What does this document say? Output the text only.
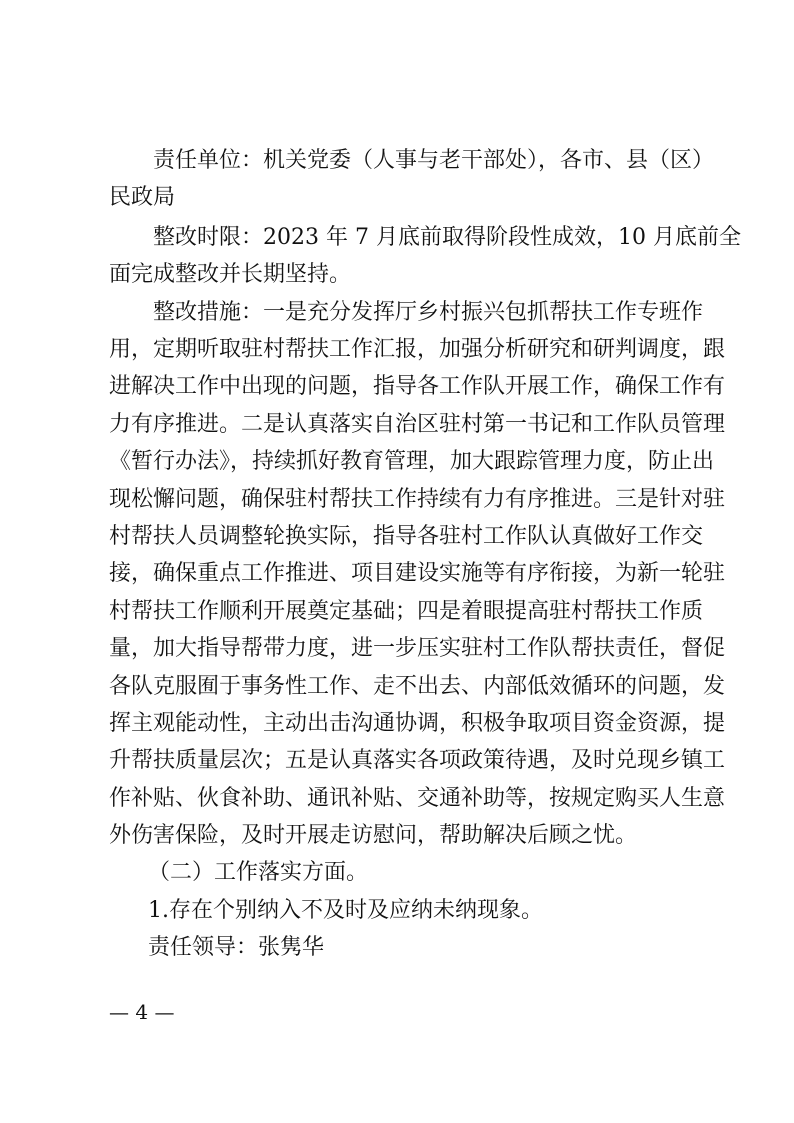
责任单位：机关党委（人事与老干部处），各市、县（区）
民政局
整改时限：2023 年 7 月底前取得阶段性成效，10 月底前全
面完成整改并长期坚持。
整改措施：一是充分发挥厅乡村振兴包抓帮扶工作专班作
用，定期听取驻村帮扶工作汇报，加强分析研究和研判调度，跟
进解决工作中出现的问题，指导各工作队开展工作，确保工作有
力有序推进。二是认真落实自治区驻村第一书记和工作队员管理
《暂行办法》，持续抓好教育管理，加大跟踪管理力度，防止出
现松懈问题，确保驻村帮扶工作持续有力有序推进。三是针对驻
村帮扶人员调整轮换实际，指导各驻村工作队认真做好工作交
接，确保重点工作推进、项目建设实施等有序衔接，为新一轮驻
村帮扶工作顺利开展奠定基础；四是着眼提高驻村帮扶工作质
量，加大指导帮带力度，进一步压实驻村工作队帮扶责任，督促
各队克服囿于事务性工作、走不出去、内部低效循环的问题，发
挥主观能动性，主动出击沟通协调，积极争取项目资金资源，提
升帮扶质量层次；五是认真落实各项政策待遇，及时兑现乡镇工
作补贴、伙食补助、通讯补贴、交通补助等，按规定购买人生意
外伤害保险，及时开展走访慰问，帮助解决后顾之忧。
（二）工作落实方面。
1.存在个别纳入不及时及应纳未纳现象。
责任领导：张隽华
— 4 —
